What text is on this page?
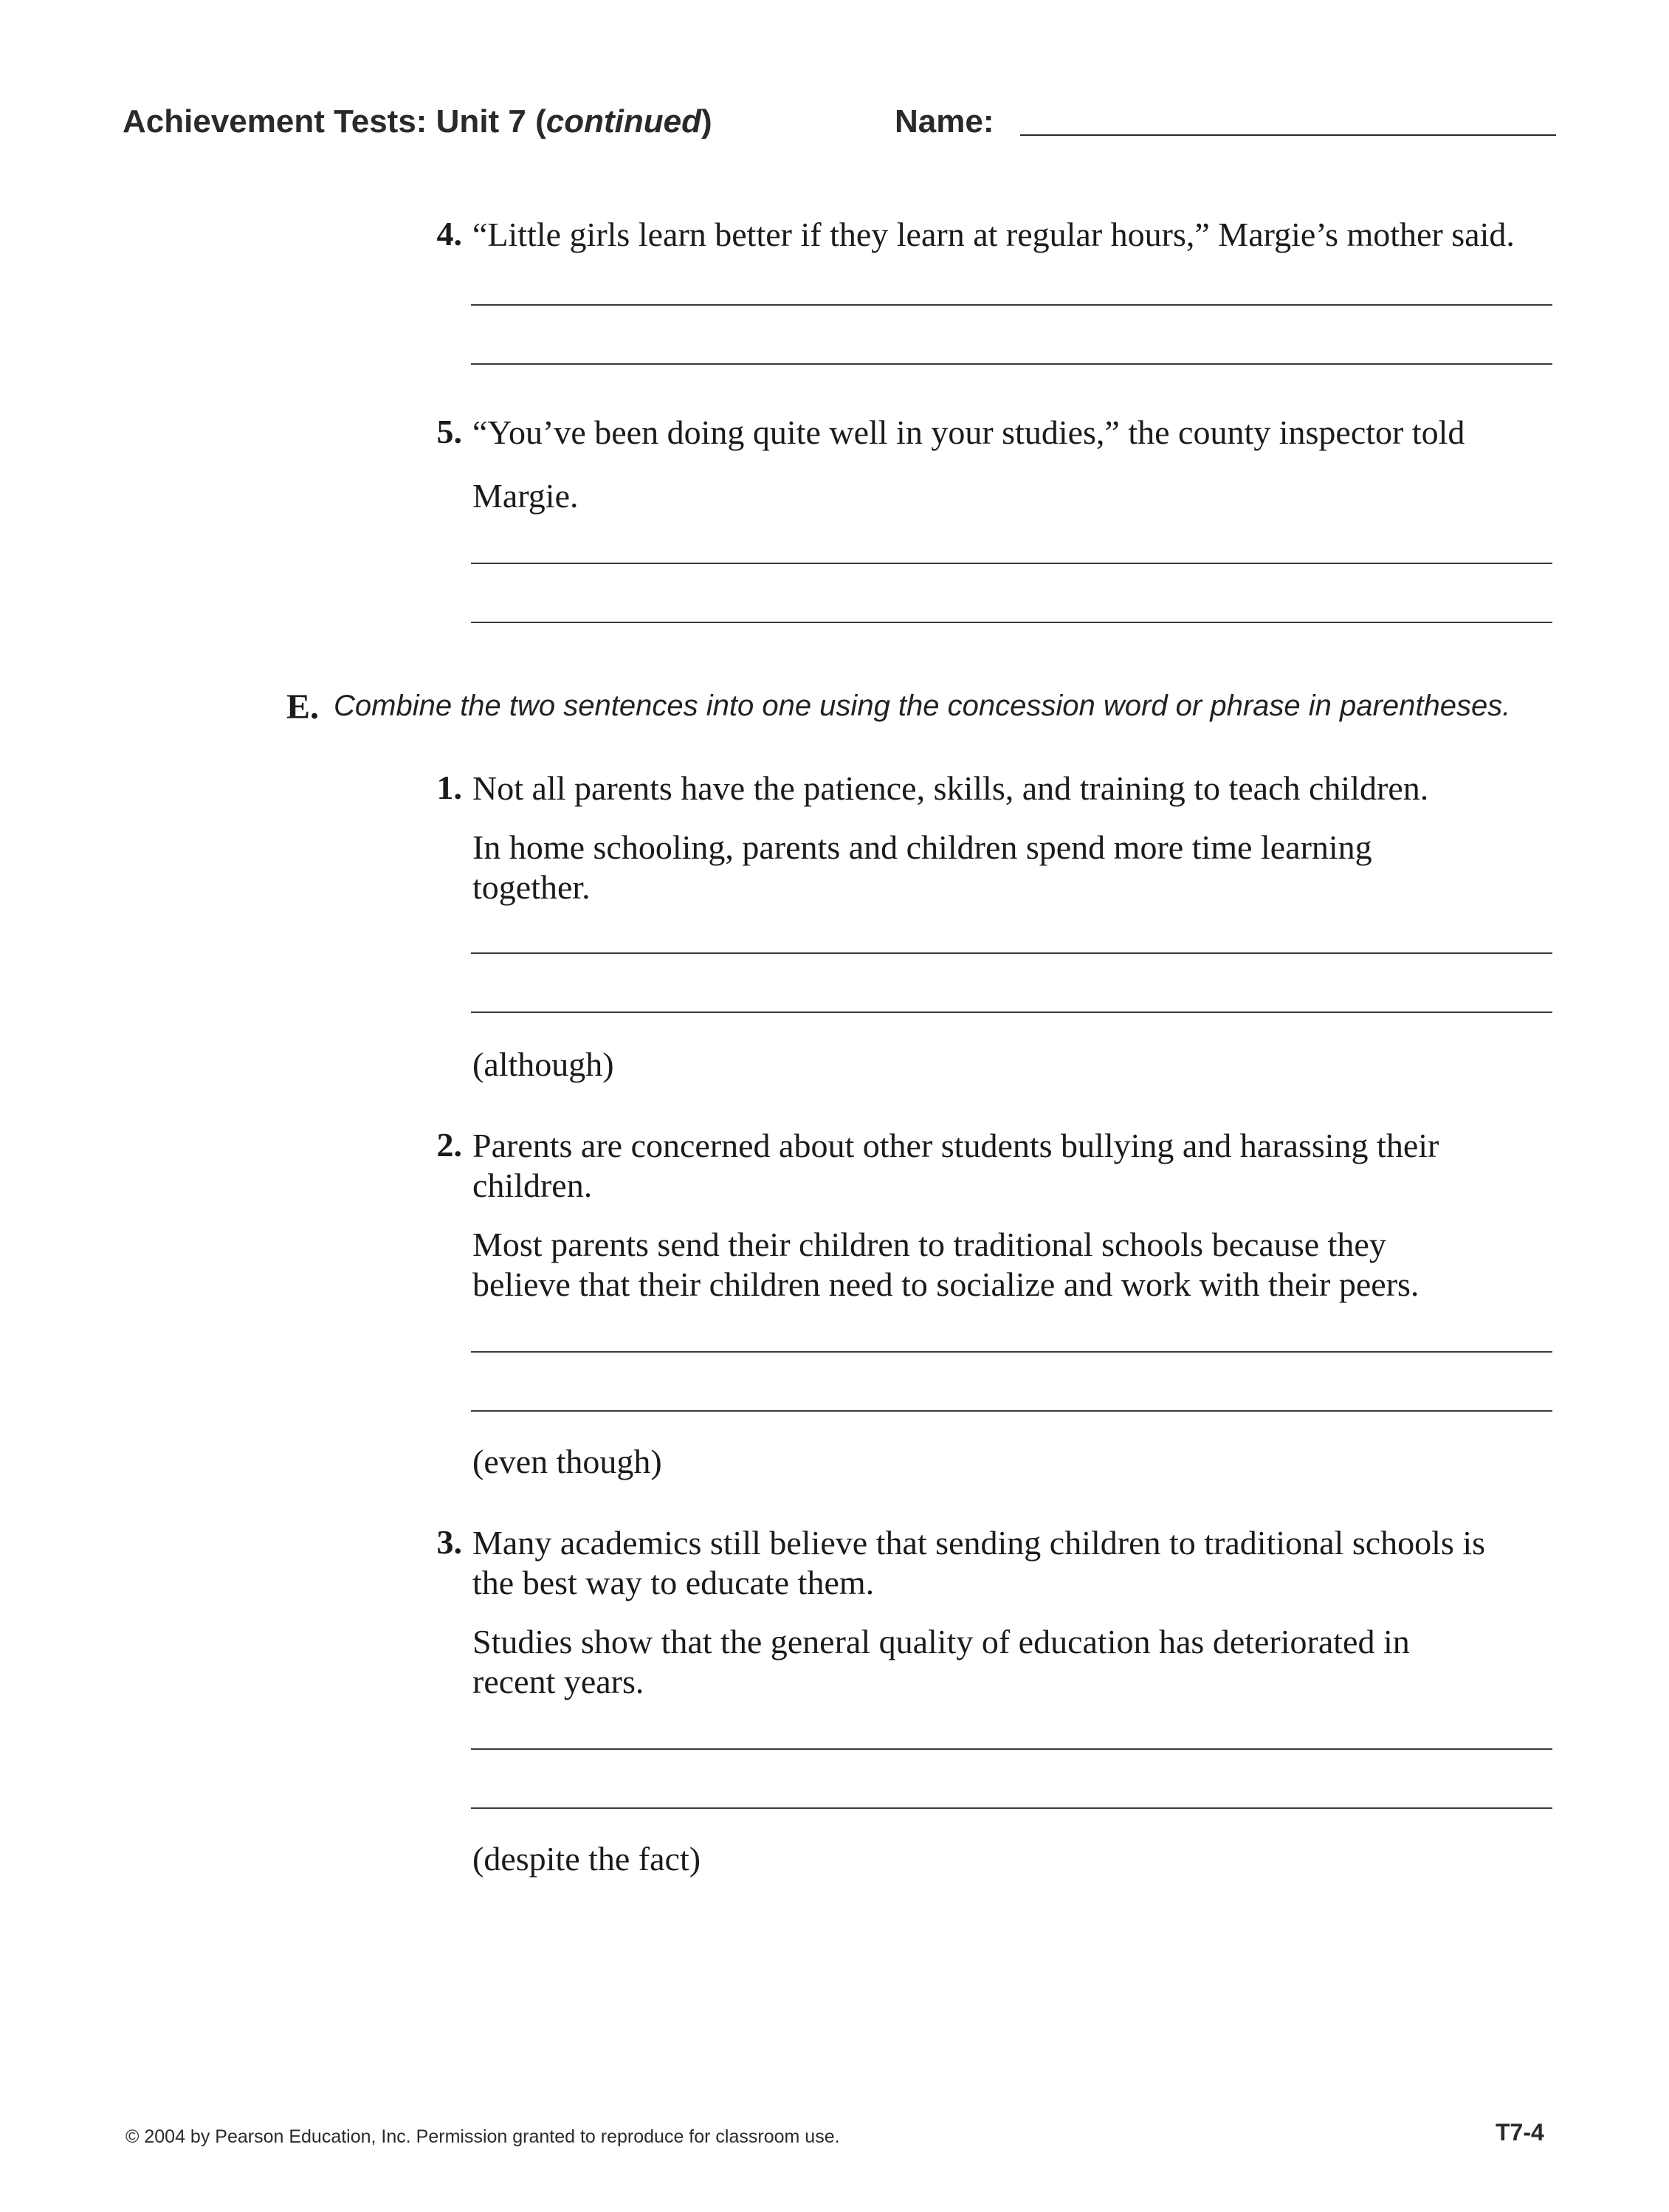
Achievement Tests: Unit 7 (continued)	Name:
4. “Little girls learn better if they learn at regular hours,” Margie’s mother said.
5. “You’ve been doing quite well in your studies,” the county inspector told
Margie.
E. Combine the two sentences into one using the concession word or phrase in parentheses.
1. Not all parents have the patience, skills, and training to teach children.
In home schooling, parents and children spend more time learning
together.
(although)
2. Parents are concerned about other students bullying and harassing their
children.
Most parents send their children to traditional schools because they
believe that their children need to socialize and work with their peers.
(even though)
3. Many academics still believe that sending children to traditional schools is
the best way to educate them.
Studies show that the general quality of education has deteriorated in
recent years.
(despite the fact)
© 2004 by Pearson Education, Inc. Permission granted to reproduce for classroom use.	T7-4
